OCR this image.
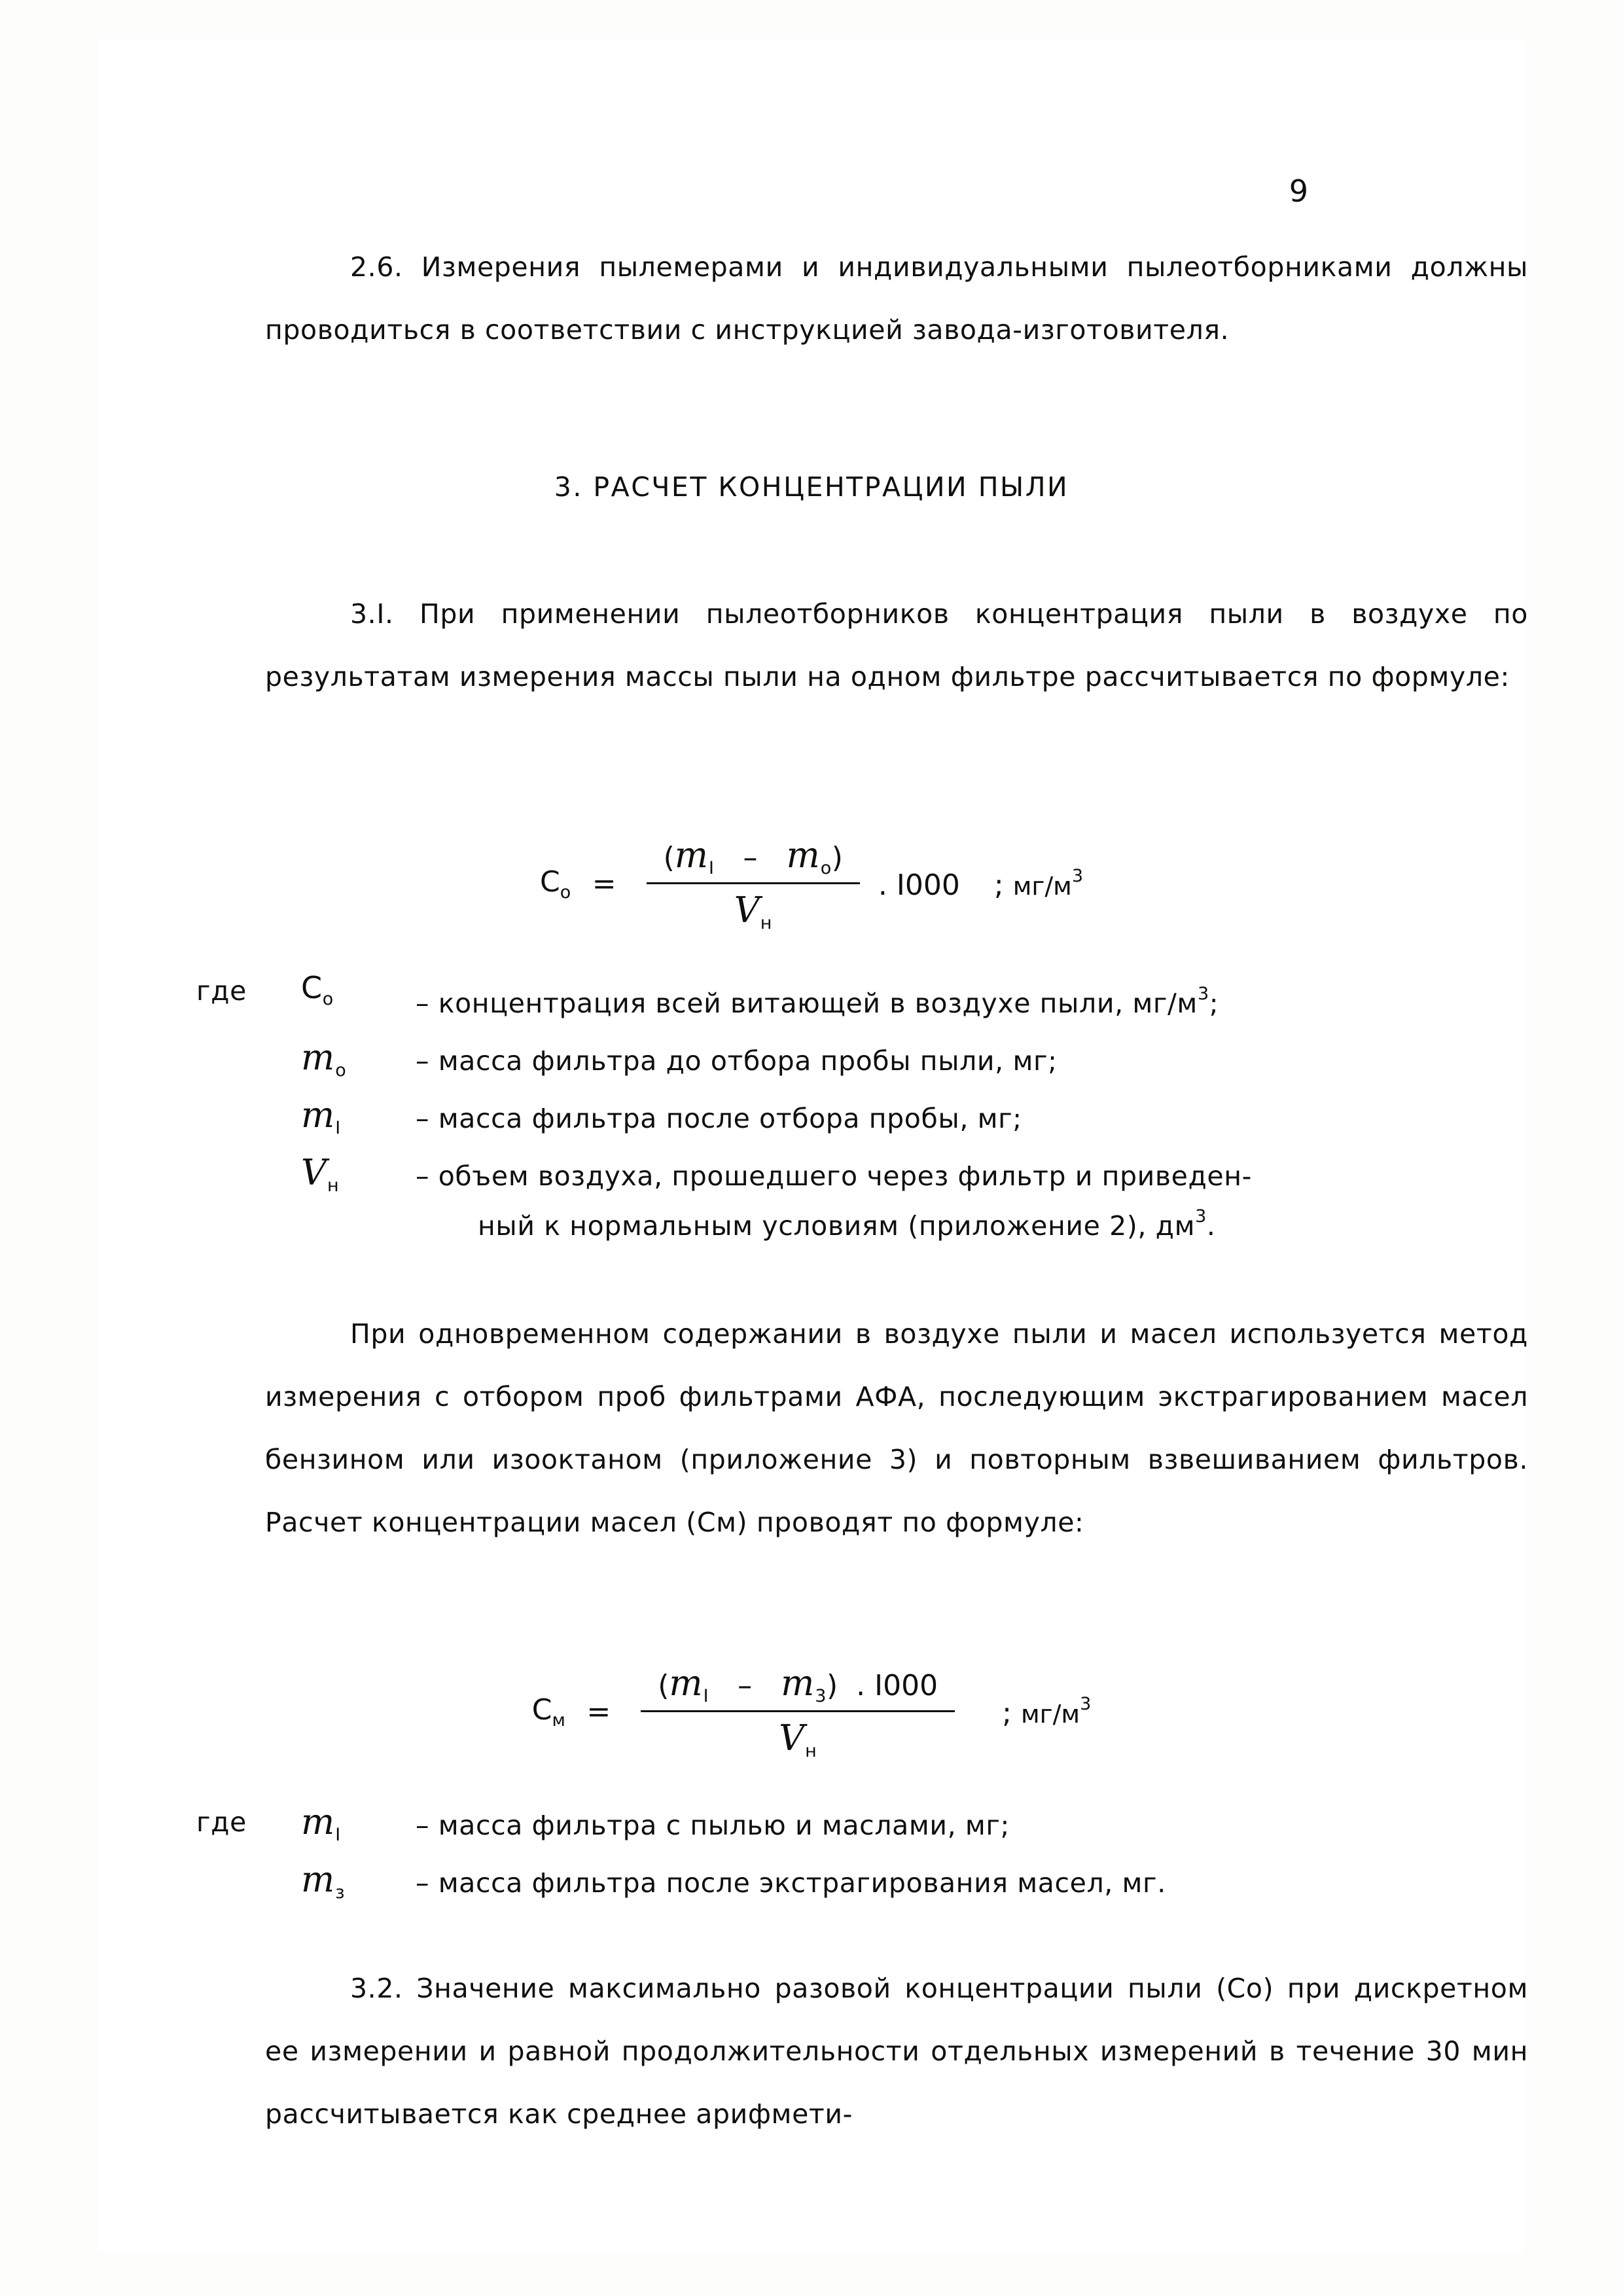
9

2.6. Измерения пылемерами и индивидуальными пылеотборниками должны проводиться в соответствии с инструкцией завода-изготовителя.

3. РАСЧЕТ КОНЦЕНТРАЦИИ ПЫЛИ

3.I. При применении пылеотборников концентрация пыли в воздухе по результатам измерения массы пыли на одном фильтре рассчитывается по формуле:

$C_о = \frac{(m_I - m_о)}{V_н}$ . I000 ; $мг/м^3$
где	$C_о$	– концентрация всей витающей в воздухе пыли, $мг/м^3$;
$m_о$	– масса фильтра до отбора пробы пыли, мг;
$m_I$	– масса фильтра после отбора пробы, мг;
$V_н$	– объем воздуха, прошедшего через фильтр и приведен-
ный к нормальным условиям (приложение 2), $дм^3$.

При одновременном содержании в воздухе пыли и масел используется метод измерения с отбором проб фильтрами АФА, последующим экстрагированием масел бензином или изооктаном (приложение 3) и повторным взвешиванием фильтров. Расчет концентрации масел (Cм) проводят по формуле:

$C_м = \frac{(m_I - m_3) . I000}{V_н}$ ; $мг/м^3$
где	$m_I$	– масса фильтра с пылью и маслами, мг;
$m_з$	– масса фильтра после экстрагирования масел, мг.

3.2. Значение максимально разовой концентрации пыли (Со) при дискретном ее измерении и равной продолжительности отдельных измерений в течение 30 мин рассчитывается как среднее арифмети-
